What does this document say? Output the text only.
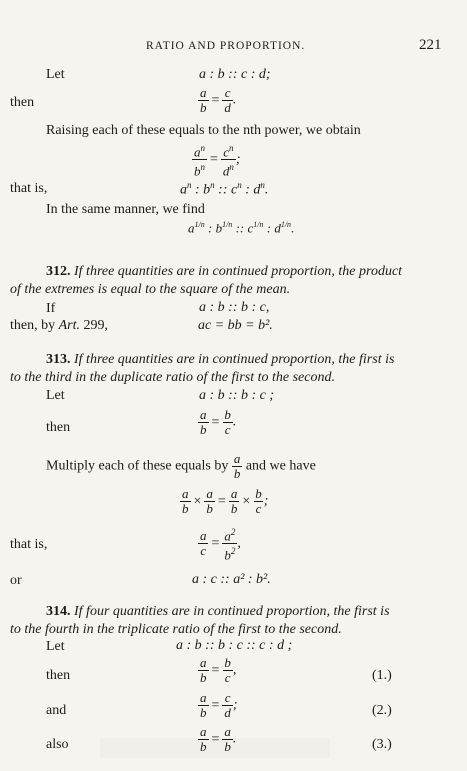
RATIO AND PROPORTION.	221
Let	a : b :: c : d;
then	$\frac{a}{b} = \frac{c}{d}$ .
Raising each of these equals to the nth power, we obtain
$\frac{a^n}{b^n} = \frac{c^n}{d^n}$ ;
that is,	$a^n$ : $b^n$ :: $c^n$ : $d^n$.
In the same manner, we find
$a^{1/n}$ : $b^{1/n}$ :: $c^{1/n}$ : $d^{1/n}$.
312. If three quantities are in continued proportion, the product
of the extremes is equal to the square of the mean.
If	a : b :: b : c,
then, by Art. 299,	ac = bb = b².
313. If three quantities are in continued proportion, the first is
to the third in the duplicate ratio of the first to the second.
Let	a : b :: b : c ;
then	$\frac{a}{b} = \frac{b}{c}$ .
Multiply each of these equals by $\frac{a}{b}$ and we have
$\frac{a}{b} \times \frac{a}{b} = \frac{a}{b} \times \frac{b}{c}$ ;
that is,	$\frac{a}{c} = \frac{a^2}{b^2}$ ,
or	a : c :: a² : b².
314. If four quantities are in continued proportion, the first is
to the fourth in the triplicate ratio of the first to the second.
Let	a : b :: b : c :: c : d ;
then	$\frac{a}{b} = \frac{b}{c}$ ,	(1.)
and	$\frac{a}{b} = \frac{c}{d}$ ;	(2.)
also	$\frac{a}{b} = \frac{a}{b}$ .	(3.)
